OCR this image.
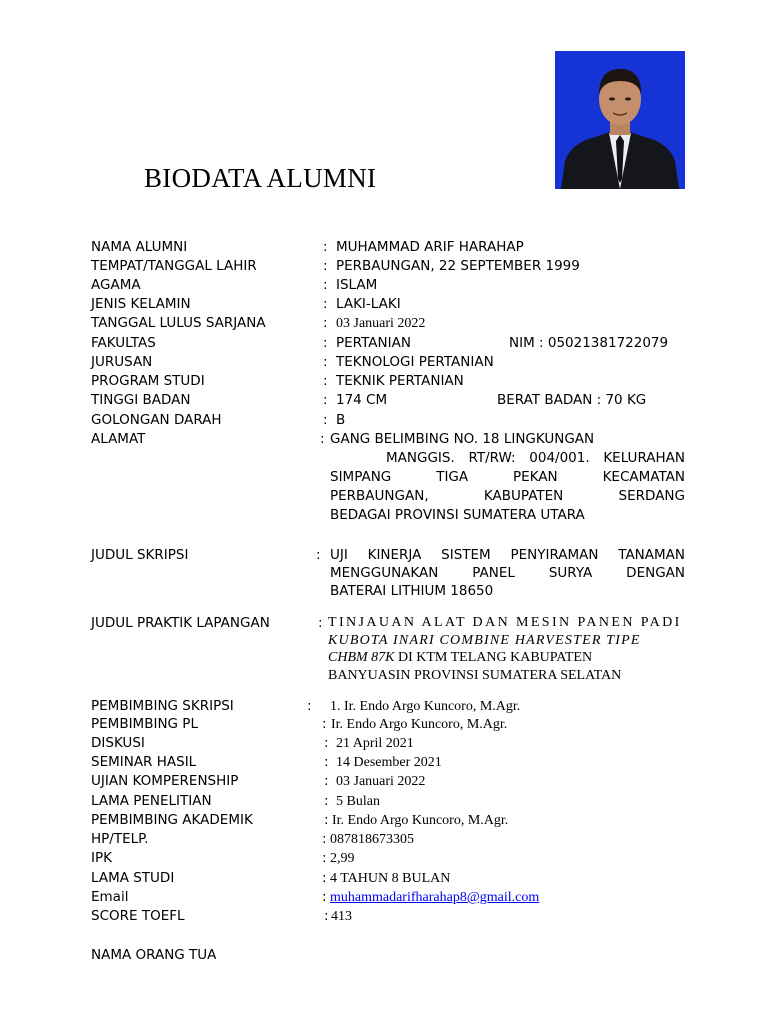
BIODATA ALUMNI
NAMA ALUMNI	: MUHAMMAD ARIF HARAHAP
TEMPAT/TANGGAL LAHIR	: PERBAUNGAN, 22 SEPTEMBER 1999
AGAMA	: ISLAM
JENIS KELAMIN	: LAKI-LAKI
TANGGAL LULUS SARJANA	: 03 Januari 2022
FAKULTAS	: PERTANIAN	NIM : 05021381722079
JURUSAN	: TEKNOLOGI PERTANIAN
PROGRAM STUDI	: TEKNIK PERTANIAN
TINGGI BADAN	: 174 CM	BERAT BADAN : 70 KG
GOLONGAN DARAH	: B
ALAMAT	: GANG BELIMBING NO. 18 LINGKUNGAN
MANGGIS. RT/RW: 004/001. KELURAHAN
SIMPANG TIGA PEKAN KECAMATAN
PERBAUNGAN, KABUPATEN SERDANG
BEDAGAI PROVINSI SUMATERA UTARA
JUDUL SKRIPSI	: UJI KINERJA SISTEM PENYIRAMAN TANAMAN
MENGGUNAKAN PANEL SURYA DENGAN
BATERAI LITHIUM 18650
JUDUL PRAKTIK LAPANGAN	: TINJAUAN ALAT DAN MESIN PANEN PADI
KUBOTA INARI COMBINE HARVESTER TIPE
CHBM 87K DI KTM TELANG KABUPATEN
BANYUASIN PROVINSI SUMATERA SELATAN
PEMBIMBING SKRIPSI	: 1. Ir. Endo Argo Kuncoro, M.Agr.
PEMBIMBING PL	: Ir. Endo Argo Kuncoro, M.Agr.
DISKUSI	: 21 April 2021
SEMINAR HASIL	: 14 Desember 2021
UJIAN KOMPERENSHIP	: 03 Januari 2022
LAMA PENELITIAN	: 5 Bulan
PEMBIMBING AKADEMIK	: Ir. Endo Argo Kuncoro, M.Agr.
HP/TELP.	: 087818673305
IPK	: 2,99
LAMA STUDI	: 4 TAHUN 8 BULAN
Email	: muhammadarifharahap8@gmail.com
SCORE TOEFL	: 413
NAMA ORANG TUA
